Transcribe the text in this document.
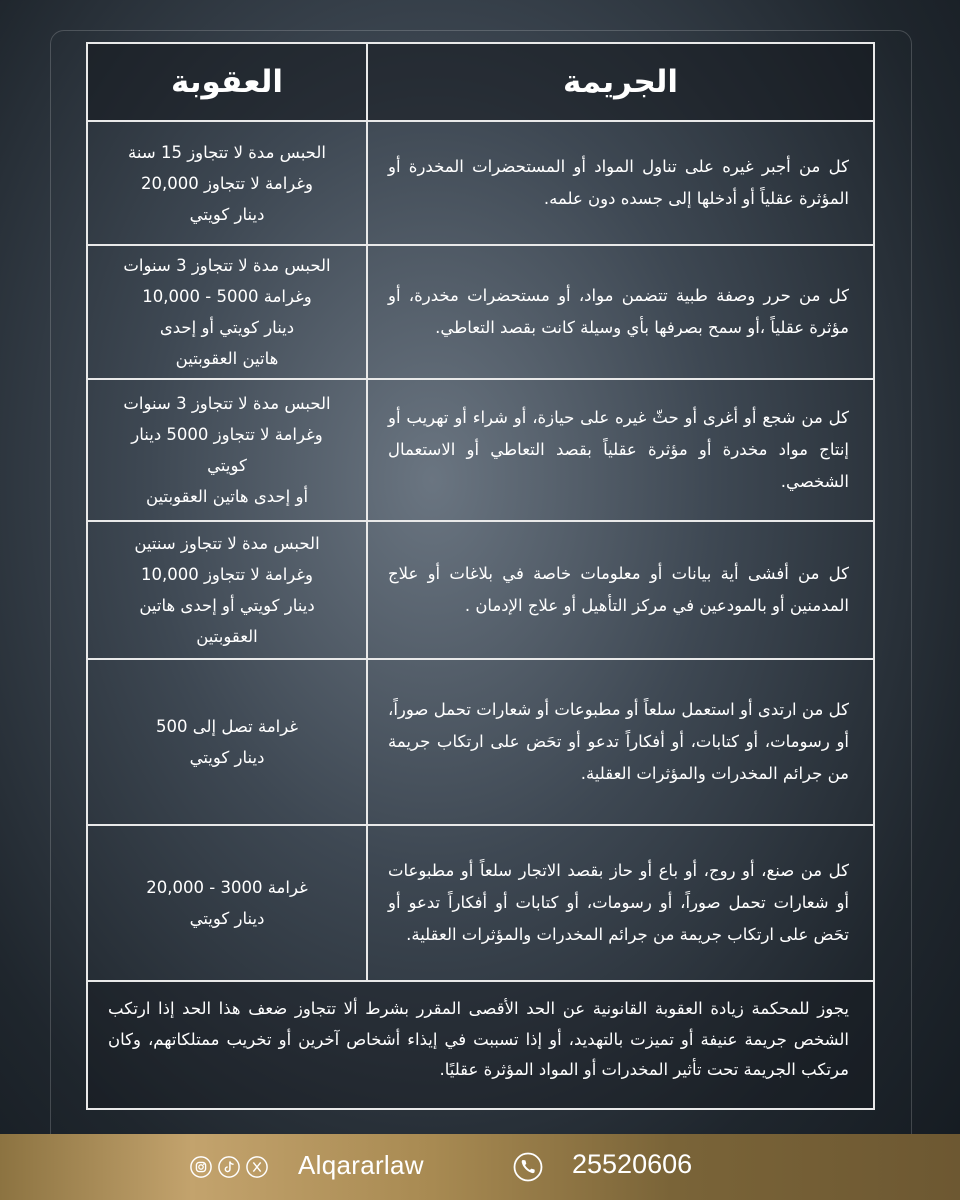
الجريمة	العقوبة

كل من أجبر غيره على تناول المواد أو المستحضرات المخدرة أو المؤثرة عقلياً أو أدخلها إلى جسده دون علمه.	الحبس مدة لا تتجاوز 15 سنة
وغرامة لا تتجاوز 20,000
دينار كويتي

كل من حرر وصفة طبية تتضمن مواد، أو مستحضرات مخدرة، أو مؤثرة عقلياً ،أو سمح بصرفها بأي وسيلة كانت بقصد التعاطي.	الحبس مدة لا تتجاوز 3 سنوات
وغرامة 5000 - 10,000
دينار كويتي أو إحدى
هاتين العقوبتين

كل من شجع أو أغرى أو حثّ غيره على حيازة، أو شراء أو تهريب أو إنتاج مواد مخدرة أو مؤثرة عقلياً بقصد التعاطي أو الاستعمال الشخصي.	الحبس مدة لا تتجاوز 3 سنوات
وغرامة لا تتجاوز 5000 دينار
كويتي
أو إحدى هاتين العقوبتين

كل من أفشى أية بيانات أو معلومات خاصة في بلاغات أو علاج المدمنين أو بالمودعين في مركز التأهيل أو علاج الإدمان .	الحبس مدة لا تتجاوز سنتين
وغرامة لا تتجاوز 10,000
دينار كويتي أو إحدى هاتين
العقوبتين

كل من ارتدى أو استعمل سلعاً أو مطبوعات أو شعارات تحمل صوراً، أو رسومات، أو كتابات، أو أفكاراً تدعو أو تحَض على ارتكاب جريمة من جرائم المخدرات والمؤثرات العقلية.	غرامة تصل إلى 500
دينار كويتي

كل من صنع، أو روج، أو باع أو حاز بقصد الاتجار سلعاً أو مطبوعات أو شعارات تحمل صوراً، أو رسومات، أو كتابات أو أفكاراً تدعو أو تحَض على ارتكاب جريمة من جرائم المخدرات والمؤثرات العقلية.	غرامة 3000 - 20,000
دينار كويتي

يجوز للمحكمة زيادة العقوبة القانونية عن الحد الأقصى المقرر بشرط ألا تتجاوز ضعف هذا الحد إذا ارتكب الشخص جريمة عنيفة أو تميزت بالتهديد، أو إذا تسببت في إيذاء أشخاص آخرين أو تخريب ممتلكاتهم، وكان مرتكب الجريمة تحت تأثير المخدرات أو المواد المؤثرة عقليًا.	
Alqararlaw	25520606
